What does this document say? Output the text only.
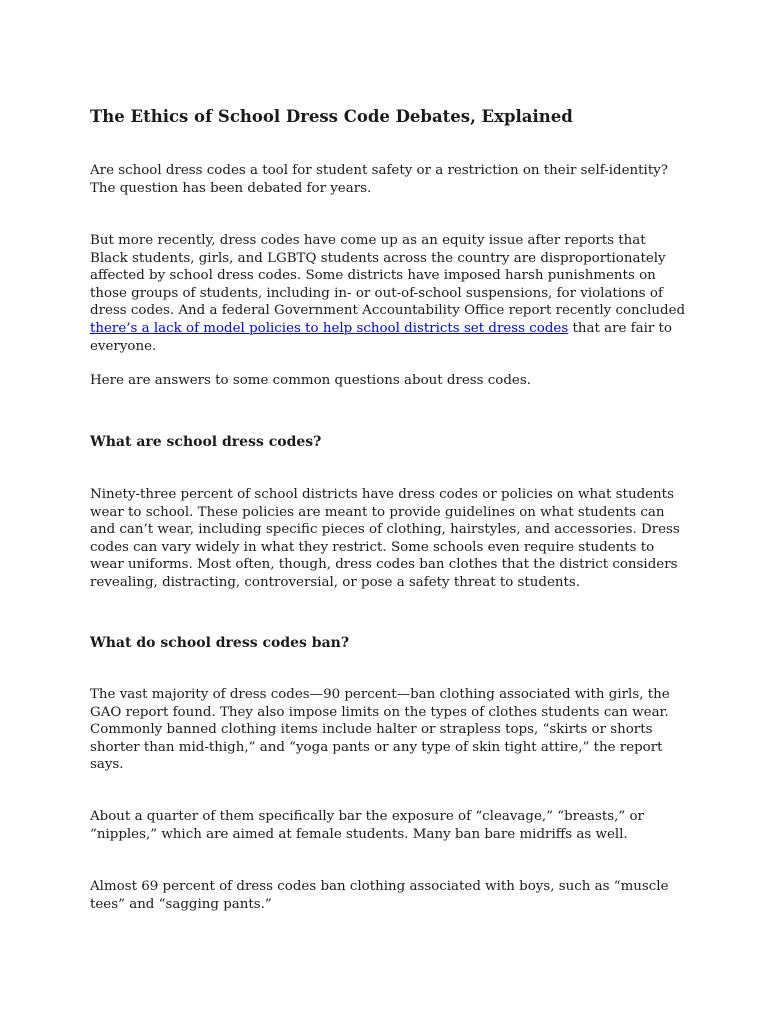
The Ethics of School Dress Code Debates, Explained

Are school dress codes a tool for student safety or a restriction on their self-identity? The question has been debated for years.

But more recently, dress codes have come up as an equity issue after reports that Black students, girls, and LGBTQ students across the country are disproportionately affected by school dress codes. Some districts have imposed harsh punishments on those groups of students, including in- or out-of-school suspensions, for violations of dress codes. And a federal Government Accountability Office report recently concluded there’s a lack of model policies to help school districts set dress codes that are fair to everyone.

Here are answers to some common questions about dress codes.

What are school dress codes?

Ninety-three percent of school districts have dress codes or policies on what students wear to school. These policies are meant to provide guidelines on what students can and can’t wear, including specific pieces of clothing, hairstyles, and accessories. Dress codes can vary widely in what they restrict. Some schools even require students to wear uniforms. Most often, though, dress codes ban clothes that the district considers revealing, distracting, controversial, or pose a safety threat to students.

What do school dress codes ban?

The vast majority of dress codes—90 percent—ban clothing associated with girls, the GAO report found. They also impose limits on the types of clothes students can wear. Commonly banned clothing items include halter or strapless tops, “skirts or shorts shorter than mid-thigh,” and “yoga pants or any type of skin tight attire,” the report says.

About a quarter of them specifically bar the exposure of “cleavage,” “breasts,” or “nipples,” which are aimed at female students. Many ban bare midriffs as well.

Almost 69 percent of dress codes ban clothing associated with boys, such as “muscle tees” and “sagging pants.”
